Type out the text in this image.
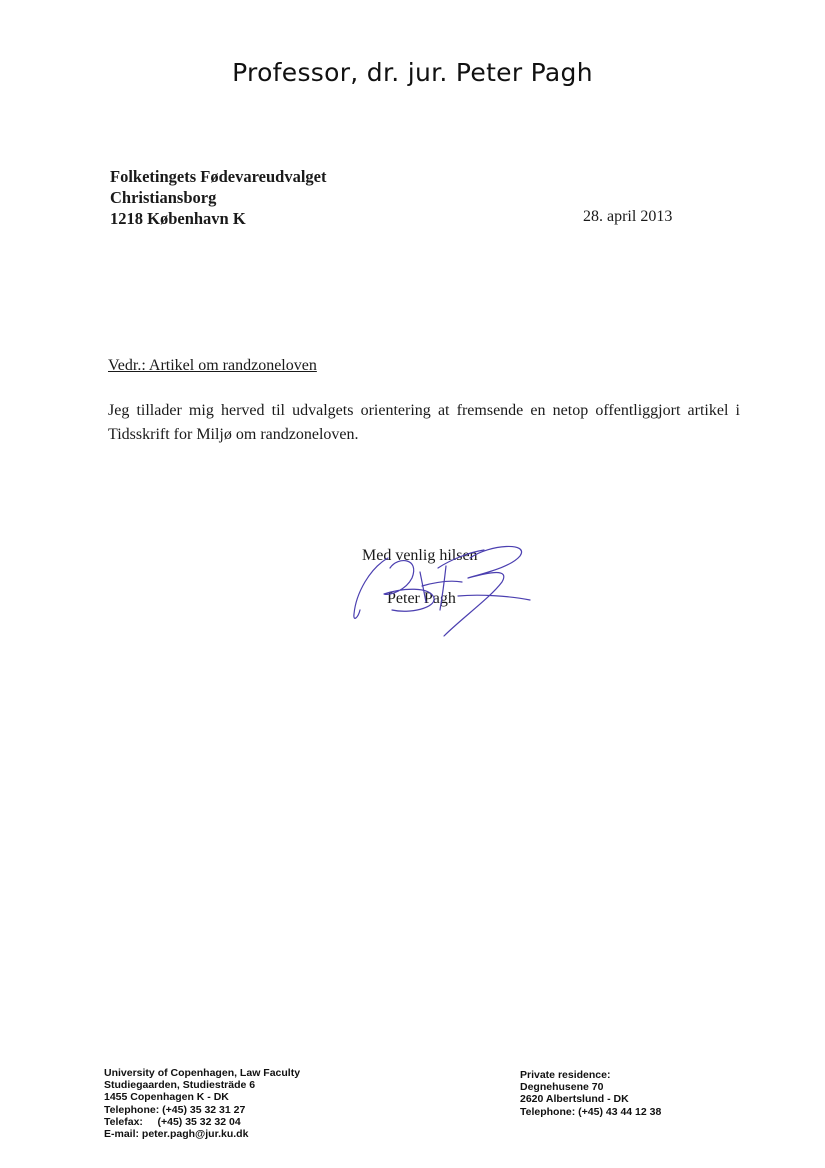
Professor, dr. jur. Peter Pagh
Folketingets Fødevareudvalget
Christiansborg
1218 København K	28. april 2013
Vedr.: Artikel om randzoneloven
Jeg tillader mig herved til udvalgets orientering at fremsende en netop offentliggjort artikel i Tidsskrift for Miljø om randzoneloven.
Med venlig hilsen
Peter Pagh
University of Copenhagen, Law Faculty
Studiegaarden, Studiesträde 6
1455 Copenhagen K - DK
Telephone: (+45) 35 32 31 27
Telefax:     (+45) 35 32 32 04
E-mail: peter.pagh@jur.ku.dk
Private residence:
Degnehusene 70
2620 Albertslund - DK
Telephone: (+45) 43 44 12 38
